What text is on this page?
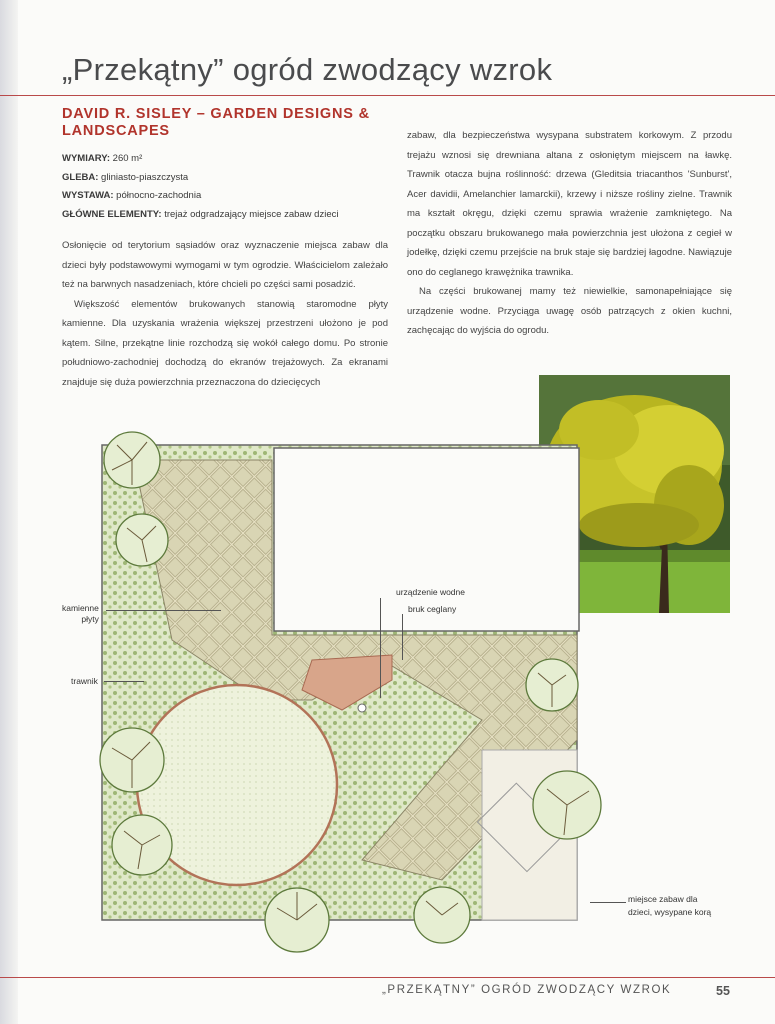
„Przekątny” ogród zwodzący wzrok
DAVID R. SISLEY – GARDEN DESIGNS & LANDSCAPES
WYMIARY: 260 m²
GLEBA: gliniasto-piaszczysta
WYSTAWA: północno-zachodnia
GŁÓWNE ELEMENTY: trejaż odgradzający miejsce zabaw dzieci

Osłonięcie od terytorium sąsiadów oraz wyznaczenie miejsca zabaw dla dzieci były podstawowymi wymogami w tym ogrodzie. Właścicielom zależało też na barwnych nasadzeniach, które chcieli po części sami posadzić.

Większość elementów brukowanych stanowią staromodne płyty kamienne. Dla uzyskania wrażenia większej przestrzeni ułożono je pod kątem. Silne, przekątne linie rozchodzą się wokół całego domu. Po stronie południowo-zachodniej dochodzą do ekranów trejażowych. Za ekranami znajduje się duża powierzchnia przeznaczona do dziecięcych

zabaw, dla bezpieczeństwa wysypana substratem korkowym. Z przodu trejażu wznosi się drewniana altana z osłoniętym miejscem na ławkę. Trawnik otacza bujna roślinność: drzewa (Gleditsia triacanthos 'Sunburst', Acer davidii, Amelanchier lamarckii), krzewy i niższe rośliny zielne. Trawnik ma kształt okręgu, dzięki czemu sprawia wrażenie zamkniętego. Na początku obszaru brukowanego mała powierzchnia jest ułożona z cegieł w jodełkę, dzięki czemu przejście na bruk staje się bardziej łagodne. Nawiązuje ono do ceglanego krawężnika trawnika.

Na części brukowanej mamy też niewielkie, samonapełniające się urządzenie wodne. Przyciąga uwagę osób patrzących z okien kuchni, zachęcając do wyjścia do ogrodu.

kamienne
płyty
trawnik
urządzenie wodne
bruk ceglany
miejsce zabaw dla
dzieci, wysypane korą
„PRZEKĄTNY” OGRÓD ZWODZĄCY WZROK	55
